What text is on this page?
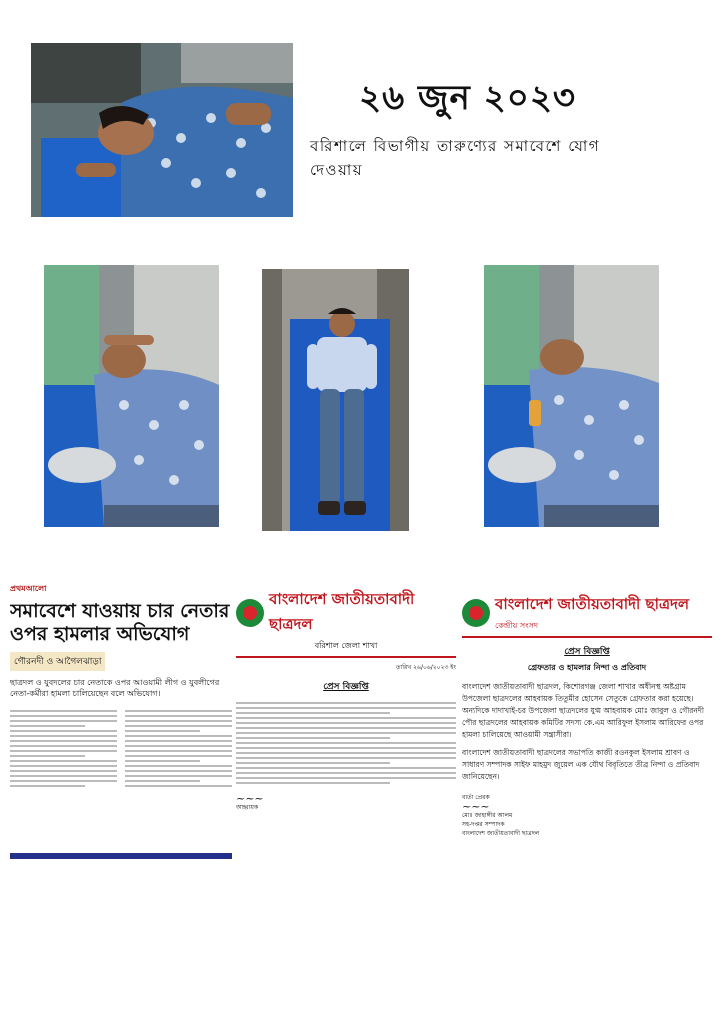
২৬ জুন ২০২৩
বরিশালে বিভাগীয় তারুণ্যের সমাবেশে যোগ দেওয়ায়
প্রথমআলো
সমাবেশে যাওয়ায় চার নেতার ওপর হামলার অভিযোগ
গৌরনদী ও আগৈলঝাড়া
ছাত্রদল ও যুবদলের চার নেতাকে ওপর আওয়ামী লীগ ও যুবলীগের নেতা-কর্মীরা হামলা চালিয়েছেন বলে অভিযোগ।
বাংলাদেশ জাতীয়তাবাদী ছাত্রদল
বরিশাল জেলা শাখা
তারিখ ২৬/০৬/২০২৩ ইং
প্রেস বিজ্ঞপ্তি
~~~
আহ্বায়ক
বাংলাদেশ জাতীয়তাবাদী ছাত্রদল
কেন্দ্রীয় সংসদ
প্রেস বিজ্ঞপ্তি
গ্রেফতার ও হামলার নিন্দা ও প্রতিবাদ
বাংলাদেশ জাতীয়তাবাদী ছাত্রদল, কিশোরগঞ্জ জেলা শাখার অধীনস্থ অষ্টগ্রাম উপজেলা ছাত্রদলের আহবায়ক তিতুমীর হোসেন সেতুকে গ্রেফতার করা হয়েছে। অন্যদিকে দাদাখাই-চর উপজেলা ছাত্রদলের যুগ্ম আহবায়ক মোঃ জাবুল ও গৌরনদী পৌর ছাত্রদলের আহবায়ক কমিটির সদস্য কে.এম আরিফুল ইসলাম আরিফের ওপর হামলা চালিয়েছে আওয়ামী সন্ত্রাসীরা।
বাংলাদেশ জাতীয়তাবাদী ছাত্রদলের সভাপতি কাজী রওনকুল ইসলাম শ্রাবণ ও সাধারণ সম্পাদক সাইফ মাহমুদ জুয়েল এক যৌথ বিবৃতিতে তীব্র নিন্দা ও প্রতিবাদ জানিয়েছেন।
বার্তা প্রেরক
~~~
মোঃ জাহাঙ্গীর আলম
সহ-দপ্তর সম্পাদক
বাংলাদেশ জাতীয়তাবাদী ছাত্রদল
